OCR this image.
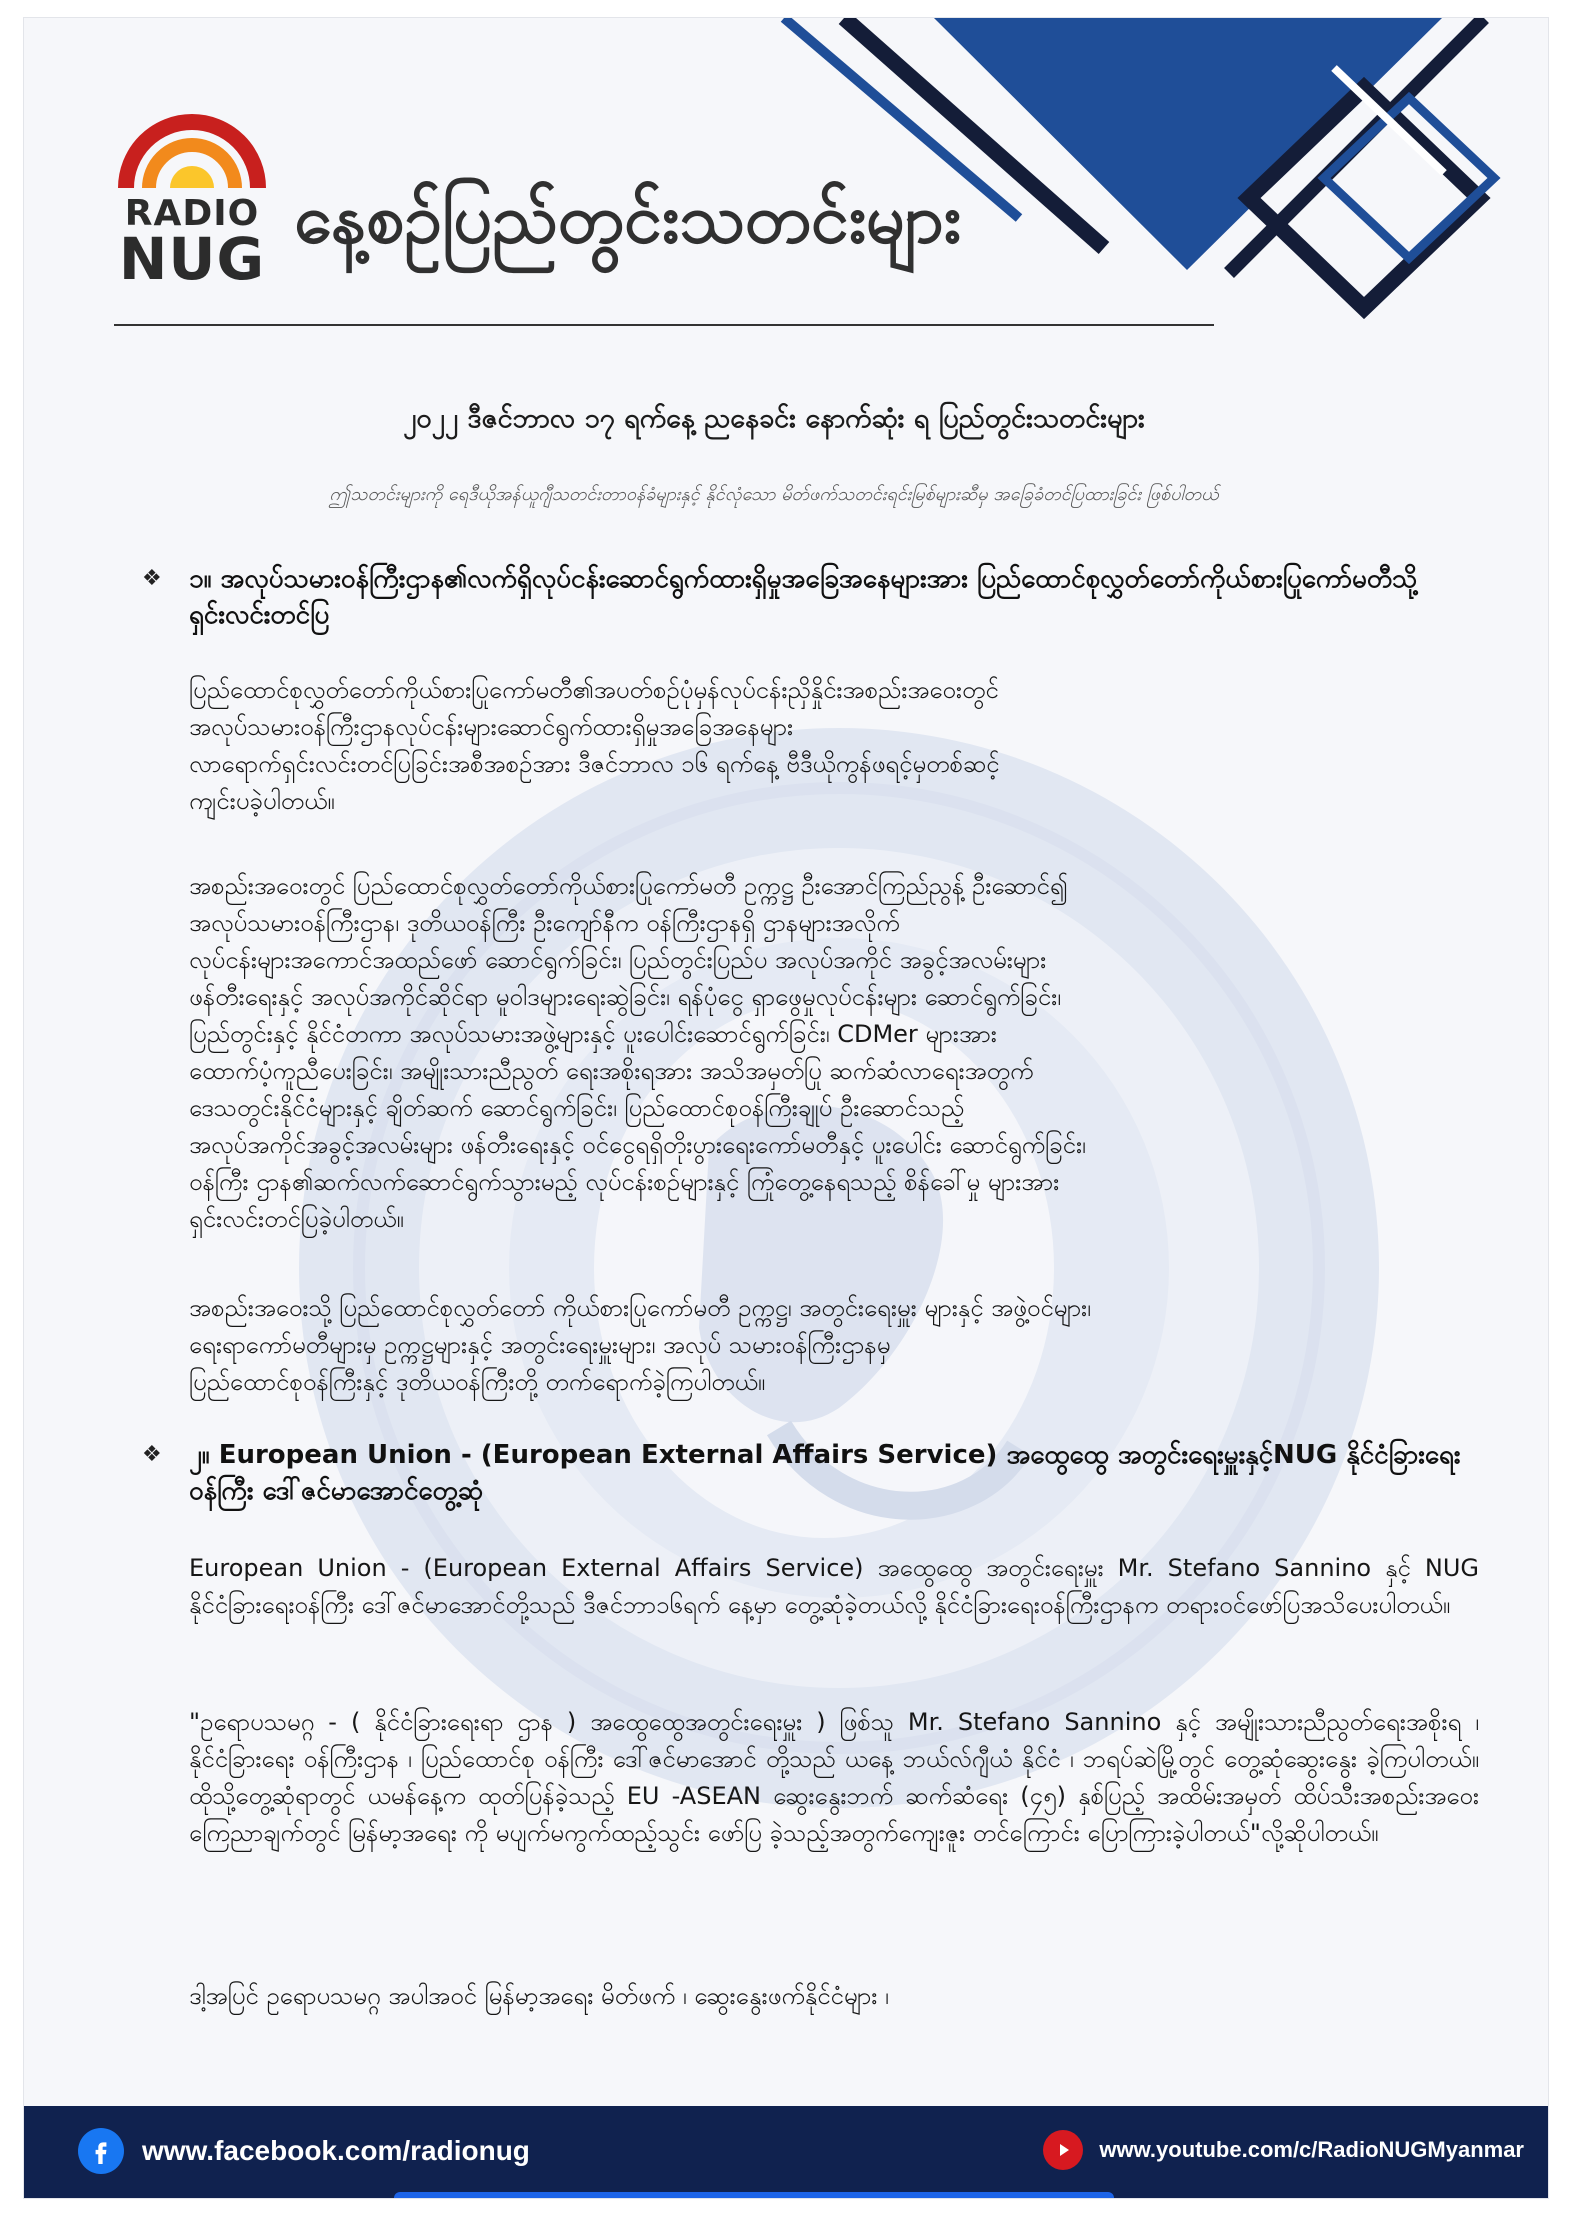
RADIO
NUG နေ့စဉ်ပြည်တွင်းသတင်းများ
၂၀၂၂ ဒီဇင်ဘာလ ၁၇ ရက်နေ့ ညနေခင်း နောက်ဆုံး ရ ပြည်တွင်းသတင်းများ
ဤသတင်းများကို ရေဒီယိုအန်ယူဂျီသတင်းတာဝန်ခံများနှင့် နိုင်လုံသော မိတ်ဖက်သတင်းရင်းမြစ်များဆီမှ အခြေခံတင်ပြထားခြင်း ဖြစ်ပါတယ်
❖ ၁။ အလုပ်သမားဝန်ကြီးဌာန၏လက်ရှိလုပ်ငန်းဆောင်ရွက်ထားရှိမှုအခြေအနေများအား ပြည်ထောင်စုလွှတ်တော်ကိုယ်စားပြုကော်မတီသို့ ရှင်းလင်းတင်ပြ
ပြည်ထောင်စုလွှတ်တော်ကိုယ်စားပြုကော်မတီ၏အပတ်စဉ်ပုံမှန်လုပ်ငန်းညှိနှိုင်းအစည်းအဝေးတွင်
အလုပ်သမားဝန်ကြီးဌာနလုပ်ငန်းများဆောင်ရွက်ထားရှိမှုအခြေအနေများ
လာရောက်ရှင်းလင်းတင်ပြခြင်းအစီအစဉ်အား ဒီဇင်ဘာလ ၁၆ ရက်နေ့ ဗီဒီယိုကွန်ဖရင့်မှတစ်ဆင့်
ကျင်းပခဲ့ပါတယ်။
အစည်းအဝေးတွင် ပြည်ထောင်စုလွှတ်တော်ကိုယ်စားပြုကော်မတီ ဥက္ကဋ္ဌ ဦးအောင်ကြည်ညွန့် ဦးဆောင်၍
အလုပ်သမားဝန်ကြီးဌာန၊ ဒုတိယဝန်ကြီး ဦးကျော်နီက ဝန်ကြီးဌာနရှိ ဌာနများအလိုက်
လုပ်ငန်းများအကောင်အထည်ဖော် ဆောင်ရွက်ခြင်း၊ ပြည်တွင်းပြည်ပ အလုပ်အကိုင် အခွင့်အလမ်းများ
ဖန်တီးရေးနှင့် အလုပ်အကိုင်ဆိုင်ရာ မူဝါဒများရေးဆွဲခြင်း၊ ရန်ပုံငွေ ရှာဖွေမှုလုပ်ငန်းများ ဆောင်ရွက်ခြင်း၊
ပြည်တွင်းနှင့် နိုင်ငံတကာ အလုပ်သမားအဖွဲ့များနှင့် ပူးပေါင်းဆောင်ရွက်ခြင်း၊ CDMer များအား
ထောက်ပံ့ကူညီပေးခြင်း၊ အမျိုးသားညီညွတ် ရေးအစိုးရအား အသိအမှတ်ပြု ဆက်ဆံလာရေးအတွက်
ဒေသတွင်းနိုင်ငံများနှင့် ချိတ်ဆက် ဆောင်ရွက်ခြင်း၊ ပြည်ထောင်စုဝန်ကြီးချုပ် ဦးဆောင်သည့်
အလုပ်အကိုင်အခွင့်အလမ်းများ ဖန်တီးရေးနှင့် ဝင်ငွေရရှိတိုးပွားရေးကော်မတီနှင့် ပူးပေါင်း ဆောင်ရွက်ခြင်း၊
ဝန်ကြီး ဌာန၏ဆက်လက်ဆောင်ရွက်သွားမည့် လုပ်ငန်းစဉ်များနှင့် ကြုံတွေ့နေရသည့် စိန်ခေါ်မှု များအား
ရှင်းလင်းတင်ပြခဲ့ပါတယ်။
အစည်းအဝေးသို့ ပြည်ထောင်စုလွှတ်တော် ကိုယ်စားပြုကော်မတီ ဥက္ကဋ္ဌ၊ အတွင်းရေးမှူး များနှင့် အဖွဲ့ဝင်များ၊
ရေးရာကော်မတီများမှ ဥက္ကဋ္ဌများနှင့် အတွင်းရေးမှူးများ၊ အလုပ် သမားဝန်ကြီးဌာနမှ
ပြည်ထောင်စုဝန်ကြီးနှင့် ဒုတိယဝန်ကြီးတို့ တက်ရောက်ခဲ့ကြပါတယ်။
❖ ၂။ European Union - (European External Affairs Service) အထွေထွေ အတွင်းရေးမှူးနှင့်NUG နိုင်ငံခြားရေးဝန်ကြီး ဒေါ်ဇင်မာအောင်တွေ့ဆုံ
European Union - (European External Affairs Service) အထွေထွေ အတွင်းရေးမှူး Mr. Stefano Sannino နှင့် NUG နိုင်ငံခြားရေးဝန်ကြီး ဒေါ်ဇင်မာအောင်တို့သည် ဒီဇင်ဘာ၁၆ရက် နေ့မှာ တွေ့ဆုံခဲ့တယ်လို့ နိုင်ငံခြားရေးဝန်ကြီးဌာနက တရားဝင်ဖော်ပြအသိပေးပါတယ်။
"ဥရောပသမဂ္ဂ - ( နိုင်ငံခြားရေးရာ ဌာန ) အထွေထွေအတွင်းရေးမှူး ) ဖြစ်သူ Mr. Stefano Sannino နှင့် အမျိုးသားညီညွတ်ရေးအစိုးရ ၊ နိုင်ငံခြားရေး ဝန်ကြီးဌာန ၊ ပြည်ထောင်စု ဝန်ကြီး ဒေါ်ဇင်မာအောင် တို့သည် ယနေ့ ဘယ်လ်ဂျီယံ နိုင်ငံ ၊ ဘရပ်ဆဲမြို့တွင် တွေ့ဆုံဆွေးနွေး ခဲ့ကြပါတယ်။ ထိုသို့တွေ့ဆုံရာတွင် ယမန်နေ့က ထုတ်ပြန်ခဲ့သည့် EU -ASEAN ဆွေးနွေးဘက် ဆက်ဆံရေး (၄၅) နှစ်ပြည့် အထိမ်းအမှတ် ထိပ်သီးအစည်းအဝေး ကြေညာချက်တွင် မြန်မာ့အရေး ကို မပျက်မကွက်ထည့်သွင်း ဖော်ပြ ခဲ့သည့်အတွက်ကျေးဇူး တင်ကြောင်း ပြောကြားခဲ့ပါတယ်"လို့ဆိုပါတယ်။
ဒါ့အပြင် ဥရောပသမဂ္ဂ အပါအဝင် မြန်မာ့အရေး မိတ်ဖက် ၊ ဆွေးနွေးဖက်နိုင်ငံများ ၊
www.facebook.com/radionug	www.youtube.com/c/RadioNUGMyanmar
